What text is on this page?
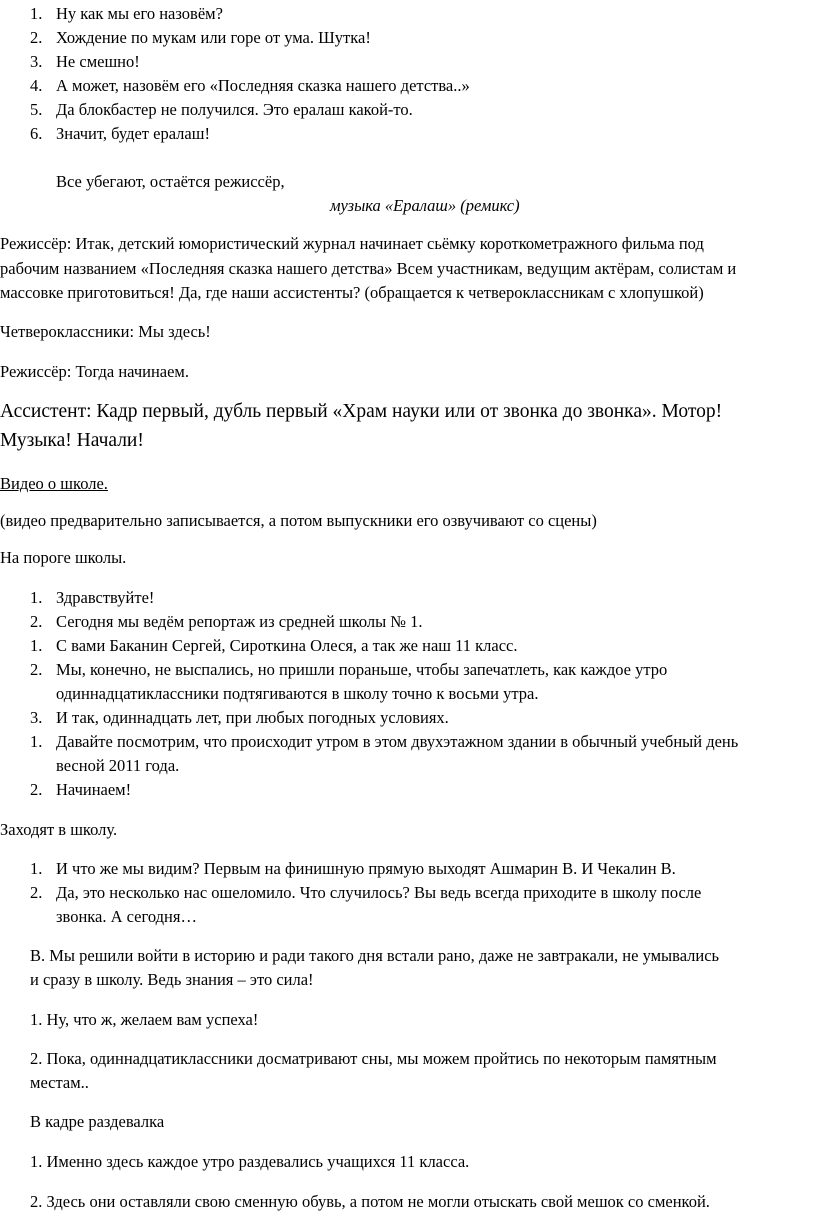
1. Ну как мы его назовём?
2. Хождение по мукам или горе от ума. Шутка!
3. Не смешно!
4. А может, назовём его «Последняя сказка нашего детства..»
5. Да блокбастер не получился. Это ералаш какой-то.
6. Значит, будет ералаш!
Все убегают, остаётся режиссёр,
музыка «Ералаш» (ремикс)
Режиссёр: Итак, детский юмористический журнал начинает сьёмку короткометражного фильма под
рабочим названием «Последняя сказка нашего детства» Всем участникам, ведущим актёрам, солистам и
массовке приготовиться! Да, где наши ассистенты? (обращается к четвероклассникам с хлопушкой)
Четвероклассники: Мы здесь!
Режиссёр: Тогда начинаем.
Ассистент: Кадр первый, дубль первый «Храм науки или от звонка до звонка». Мотор!
Музыка! Начали!
Видео о школе.
(видео предварительно записывается, а потом выпускники его озвучивают со сцены)
На пороге школы.
1. Здравствуйте!
2. Сегодня мы ведём репортаж из средней школы № 1.
1. С вами Баканин Сергей, Сироткина Олеся, а так же наш 11 класс.
2. Мы, конечно, не выспались, но пришли пораньше, чтобы запечатлеть, как каждое утро
одиннадцатиклассники подтягиваются в школу точно к восьми утра.
3. И так, одиннадцать лет, при любых погодных условиях.
1. Давайте посмотрим, что происходит утром в этом двухэтажном здании в обычный учебный день
весной 2011 года.
2. Начинаем!
Заходят в школу.
1. И что же мы видим? Первым на финишную прямую выходят Ашмарин В. И Чекалин В.
2. Да, это несколько нас ошеломило. Что случилось? Вы ведь всегда приходите в школу после
звонка. А сегодня…
В. Мы решили войти в историю и ради такого дня встали рано, даже не завтракали, не умывались
и сразу в школу. Ведь знания – это сила!
1. Ну, что ж, желаем вам успеха!
2. Пока, одиннадцатиклассники досматривают сны, мы можем пройтись по некоторым памятным
местам..
В кадре раздевалка
1. Именно здесь каждое утро раздевались учащихся 11 класса.
2. Здесь они оставляли свою сменную обувь, а потом не могли отыскать свой мешок со сменкой.
